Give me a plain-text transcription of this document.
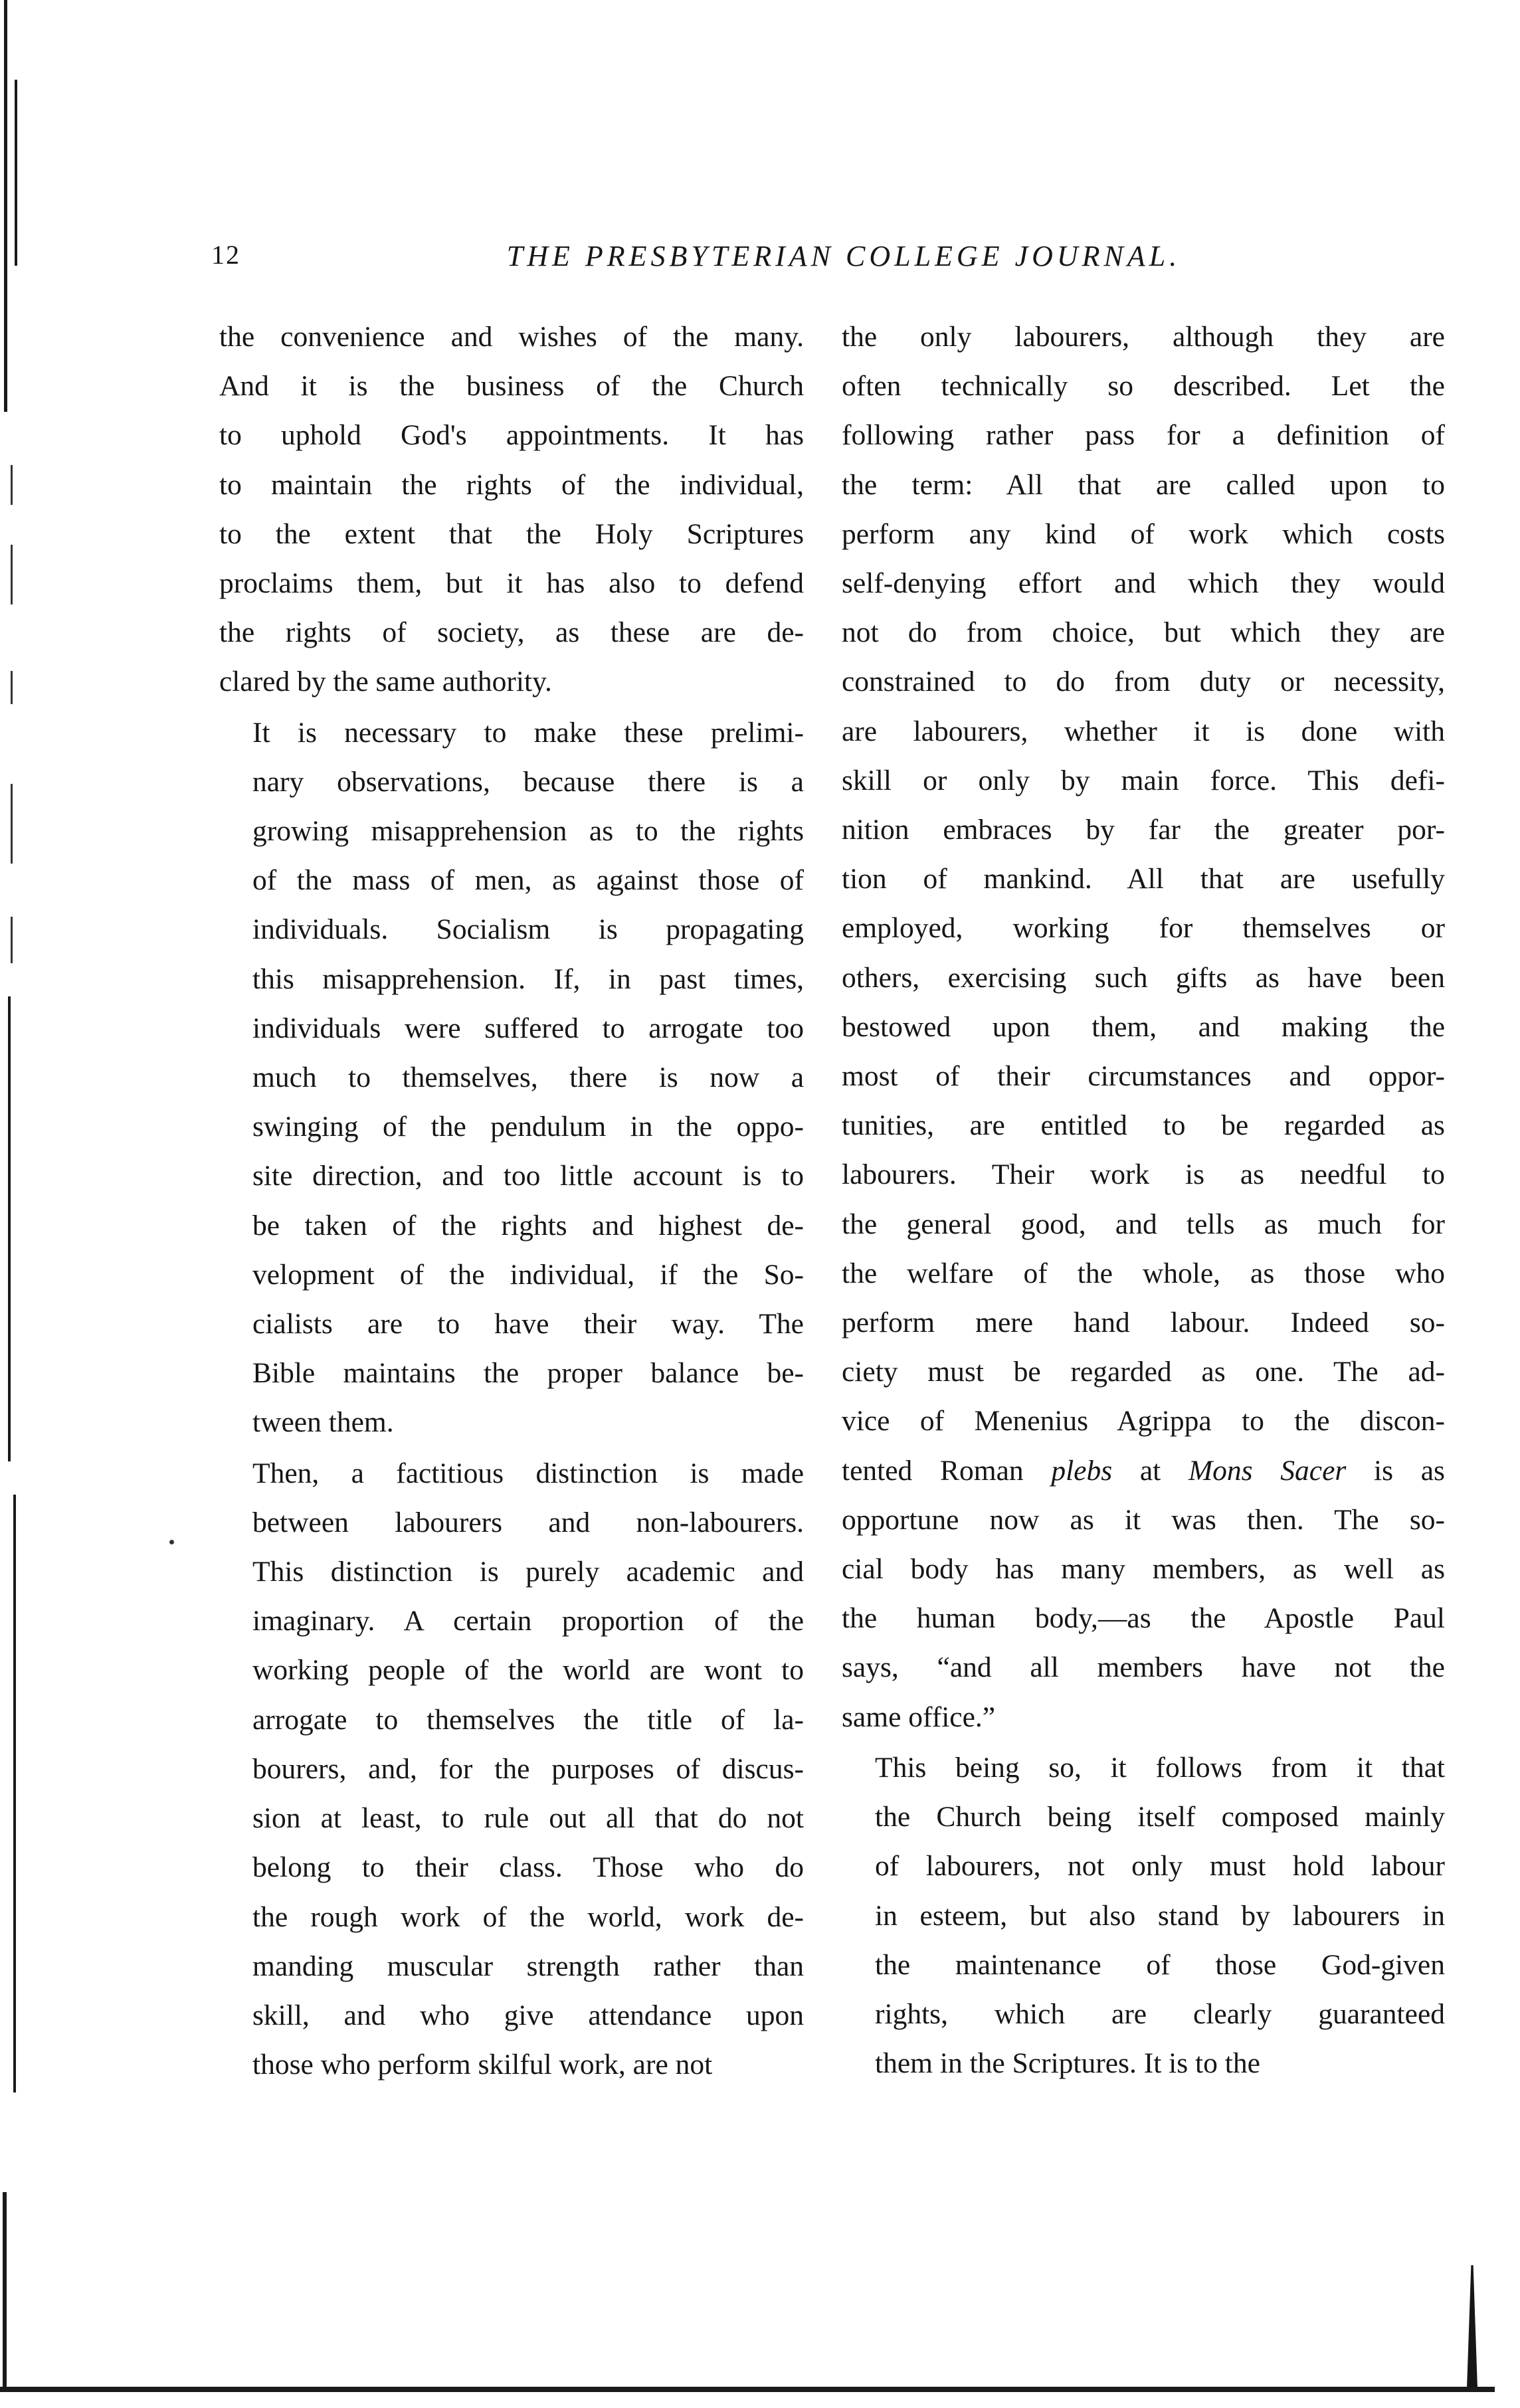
12	THE PRESBYTERIAN COLLEGE JOURNAL.

the convenience and wishes of the many.
And it is the business of the Church
to uphold God's appointments. It has
to maintain the rights of the individual,
to the extent that the Holy Scriptures
proclaims them, but it has also to defend
the rights of society, as these are de-
clared by the same authority.

It is necessary to make these prelimi-
nary observations, because there is a
growing misapprehension as to the rights
of the mass of men, as against those of
individuals. Socialism is propagating
this misapprehension. If, in past times,
individuals were suffered to arrogate too
much to themselves, there is now a
swinging of the pendulum in the oppo-
site direction, and too little account is to
be taken of the rights and highest de-
velopment of the individual, if the So-
cialists are to have their way. The
Bible maintains the proper balance be-
tween them.

Then, a factitious distinction is made
between labourers and non-labourers.
This distinction is purely academic and
imaginary. A certain proportion of the
working people of the world are wont to
arrogate to themselves the title of la-
bourers, and, for the purposes of discus-
sion at least, to rule out all that do not
belong to their class. Those who do
the rough work of the world, work de-
manding muscular strength rather than
skill, and who give attendance upon
those who perform skilful work, are not

the only labourers, although they are
often technically so described. Let the
following rather pass for a definition of
the term: All that are called upon to
perform any kind of work which costs
self-denying effort and which they would
not do from choice, but which they are
constrained to do from duty or necessity,
are labourers, whether it is done with
skill or only by main force. This defi-
nition embraces by far the greater por-
tion of mankind. All that are usefully
employed, working for themselves or
others, exercising such gifts as have been
bestowed upon them, and making the
most of their circumstances and oppor-
tunities, are entitled to be regarded as
labourers. Their work is as needful to
the general good, and tells as much for
the welfare of the whole, as those who
perform mere hand labour. Indeed so-
ciety must be regarded as one. The ad-
vice of Menenius Agrippa to the discon-
tented Roman plebs at Mons Sacer is as
opportune now as it was then. The so-
cial body has many members, as well as
the human body,—as the Apostle Paul
says, “and all members have not the
same office.”

This being so, it follows from it that
the Church being itself composed mainly
of labourers, not only must hold labour
in esteem, but also stand by labourers in
the maintenance of those God-given
rights, which are clearly guaranteed
them in the Scriptures. It is to the
